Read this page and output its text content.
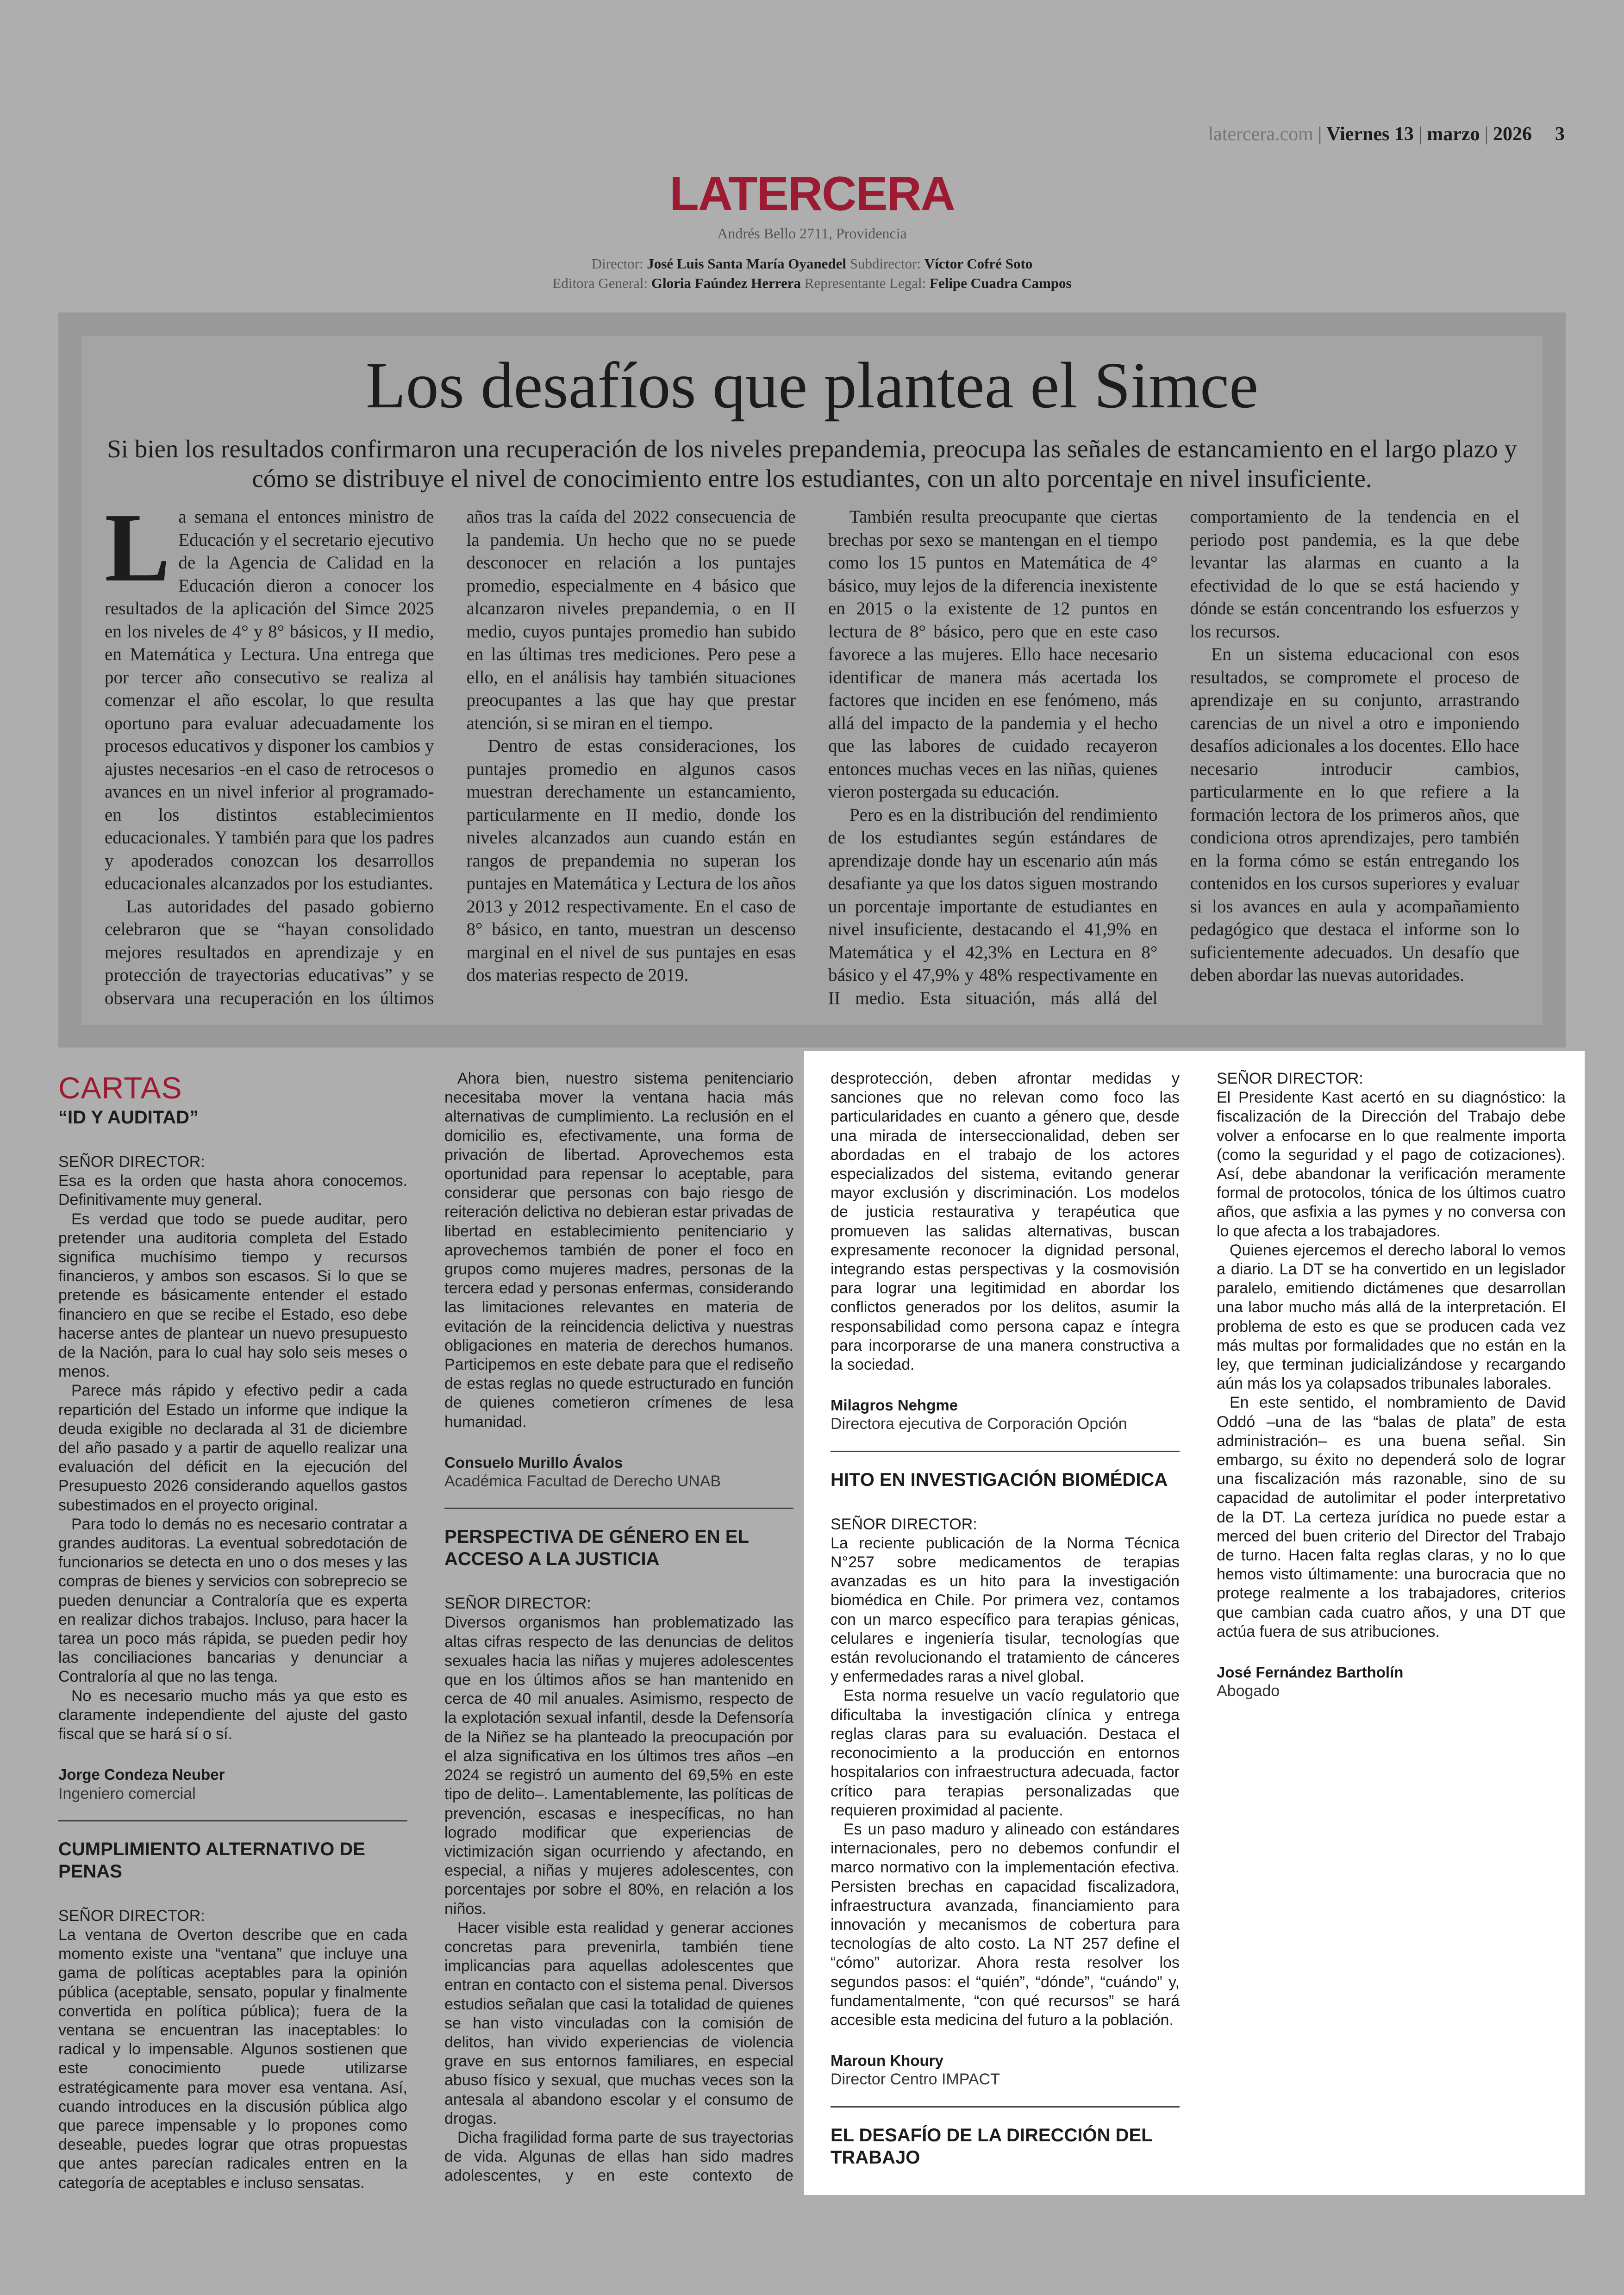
latercera.com | Viernes 13 | marzo | 2026 3
LATERCERA
Andrés Bello 2711, Providencia
Director: José Luis Santa María Oyanedel Subdirector: Víctor Cofré Soto
Editora General: Gloria Faúndez Herrera Representante Legal: Felipe Cuadra Campos
Los desafíos que plantea el Simce
Si bien los resultados confirmaron una recuperación de los niveles prepandemia, preocupa las señales de estancamiento en el largo plazo y cómo se distribuye el nivel de conocimiento entre los estudiantes, con un alto porcentaje en nivel insuficiente.

La semana el entonces ministro de Educación y el secretario ejecutivo de la Agencia de Calidad en la Educación dieron a conocer los resultados de la aplicación del Simce 2025 en los niveles de 4° y 8° básicos, y II medio, en Matemática y Lectura. Una entrega que por tercer año consecutivo se realiza al comenzar el año escolar, lo que resulta oportuno para evaluar adecuadamente los procesos educativos y disponer los cambios y ajustes necesarios -en el caso de retrocesos o avances en un nivel inferior al programado- en los distintos establecimientos educacionales. Y también para que los padres y apoderados conozcan los desarrollos educacionales alcanzados por los estudiantes.

Las autoridades del pasado gobierno celebraron que se “hayan consolidado mejores resultados en aprendizaje y en protección de trayectorias educativas” y se observara una recuperación en los últimos años tras la caída del 2022 consecuencia de la pandemia. Un hecho que no se puede desconocer en relación a los puntajes promedio, especialmente en 4 básico que alcanzaron niveles prepandemia, o en II medio, cuyos puntajes promedio han subido en las últimas tres mediciones. Pero pese a ello, en el análisis hay también situaciones preocupantes a las que hay que prestar atención, si se miran en el tiempo.

Dentro de estas consideraciones, los puntajes promedio en algunos casos muestran derechamente un estancamiento, particularmente en II medio, donde los niveles alcanzados aun cuando están en rangos de prepandemia no superan los puntajes en Matemática y Lectura de los años 2013 y 2012 respectivamente. En el caso de 8° básico, en tanto, muestran un descenso marginal en el nivel de sus puntajes en esas dos materias respecto de 2019.

También resulta preocupante que ciertas brechas por sexo se mantengan en el tiempo como los 15 puntos en Matemática de 4° básico, muy lejos de la diferencia inexistente en 2015 o la existente de 12 puntos en lectura de 8° básico, pero que en este caso favorece a las mujeres. Ello hace necesario identificar de manera más acertada los factores que inciden en ese fenómeno, más allá del impacto de la pandemia y el hecho que las labores de cuidado recayeron entonces muchas veces en las niñas, quienes vieron postergada su educación.

Pero es en la distribución del rendimiento de los estudiantes según estándares de aprendizaje donde hay un escenario aún más desafiante ya que los datos siguen mostrando un porcentaje importante de estudiantes en nivel insuficiente, destacando el 41,9% en Matemática y el 42,3% en Lectura en 8° básico y el 47,9% y 48% respectivamente en II medio. Esta situación, más allá del comportamiento de la tendencia en el periodo post pandemia, es la que debe levantar las alarmas en cuanto a la efectividad de lo que se está haciendo y dónde se están concentrando los esfuerzos y los recursos.

En un sistema educacional con esos resultados, se compromete el proceso de aprendizaje en su conjunto, arrastrando carencias de un nivel a otro e imponiendo desafíos adicionales a los docentes. Ello hace necesario introducir cambios, particularmente en lo que refiere a la formación lectora de los primeros años, que condiciona otros aprendizajes, pero también en la forma cómo se están entregando los contenidos en los cursos superiores y evaluar si los avances en aula y acompañamiento pedagógico que destaca el informe son lo suficientemente adecuados. Un desafío que deben abordar las nuevas autoridades.

CARTAS
“ID Y AUDITAD”

SEÑOR DIRECTOR:

Esa es la orden que hasta ahora conocemos. Definitivamente muy general.

Es verdad que todo se puede auditar, pero pretender una auditoria completa del Estado significa muchísimo tiempo y recursos financieros, y ambos son escasos. Si lo que se pretende es básicamente entender el estado financiero en que se recibe el Estado, eso debe hacerse antes de plantear un nuevo presupuesto de la Nación, para lo cual hay solo seis meses o menos.

Parece más rápido y efectivo pedir a cada repartición del Estado un informe que indique la deuda exigible no declarada al 31 de diciembre del año pasado y a partir de aquello realizar una evaluación del déficit en la ejecución del Presupuesto 2026 considerando aquellos gastos subestimados en el proyecto original.

Para todo lo demás no es necesario contratar a grandes auditoras. La eventual sobredotación de funcionarios se detecta en uno o dos meses y las compras de bienes y servicios con sobreprecio se pueden denunciar a Contraloría que es experta en realizar dichos trabajos. Incluso, para hacer la tarea un poco más rápida, se pueden pedir hoy las conciliaciones bancarias y denunciar a Contraloría al que no las tenga.

No es necesario mucho más ya que esto es claramente independiente del ajuste del gasto fiscal que se hará sí o sí.

Jorge Condeza Neuber

Ingeniero comercial

CUMPLIMIENTO ALTERNATIVO DE PENAS

SEÑOR DIRECTOR:

La ventana de Overton describe que en cada momento existe una “ventana” que incluye una gama de políticas aceptables para la opinión pública (aceptable, sensato, popular y finalmente convertida en política pública); fuera de la ventana se encuentran las inaceptables: lo radical y lo impensable. Algunos sostienen que este conocimiento puede utilizarse estratégicamente para mover esa ventana. Así, cuando introduces en la discusión pública algo que parece impensable y lo propones como deseable, puedes lograr que otras propuestas que antes parecían radicales entren en la categoría de aceptables e incluso sensatas.

Ahora bien, nuestro sistema penitenciario necesitaba mover la ventana hacia más alternativas de cumplimiento. La reclusión en el domicilio es, efectivamente, una forma de privación de libertad. Aprovechemos esta oportunidad para repensar lo aceptable, para considerar que personas con bajo riesgo de reiteración delictiva no debieran estar privadas de libertad en establecimiento penitenciario y aprovechemos también de poner el foco en grupos como mujeres madres, personas de la tercera edad y personas enfermas, considerando las limitaciones relevantes en materia de evitación de la reincidencia delictiva y nuestras obligaciones en materia de derechos humanos. Participemos en este debate para que el rediseño de estas reglas no quede estructurado en función de quienes cometieron crímenes de lesa humanidad.

Consuelo Murillo Ávalos

Académica Facultad de Derecho UNAB

PERSPECTIVA DE GÉNERO EN EL ACCESO A LA JUSTICIA

SEÑOR DIRECTOR:

Diversos organismos han problematizado las altas cifras respecto de las denuncias de delitos sexuales hacia las niñas y mujeres adolescentes que en los últimos años se han mantenido en cerca de 40 mil anuales. Asimismo, respecto de la explotación sexual infantil, desde la Defensoría de la Niñez se ha planteado la preocupación por el alza significativa en los últimos tres años –en 2024 se registró un aumento del 69,5% en este tipo de delito–. Lamentablemente, las políticas de prevención, escasas e inespecíficas, no han logrado modificar que experiencias de victimización sigan ocurriendo y afectando, en especial, a niñas y mujeres adolescentes, con porcentajes por sobre el 80%, en relación a los niños.

Hacer visible esta realidad y generar acciones concretas para prevenirla, también tiene implicancias para aquellas adolescentes que entran en contacto con el sistema penal. Diversos estudios señalan que casi la totalidad de quienes se han visto vinculadas con la comisión de delitos, han vivido experiencias de violencia grave en sus entornos familiares, en especial abuso físico y sexual, que muchas veces son la antesala al abandono escolar y el consumo de drogas.

Dicha fragilidad forma parte de sus trayectorias de vida. Algunas de ellas han sido madres adolescentes, y en este contexto de desprotección, deben afrontar medidas y sanciones que no relevan como foco las particularidades en cuanto a género que, desde una mirada de interseccionalidad, deben ser abordadas en el trabajo de los actores especializados del sistema, evitando generar mayor exclusión y discriminación. Los modelos de justicia restaurativa y terapéutica que promueven las salidas alternativas, buscan expresamente reconocer la dignidad personal, integrando estas perspectivas y la cosmovisión para lograr una legitimidad en abordar los conflictos generados por los delitos, asumir la responsabilidad como persona capaz e íntegra para incorporarse de una manera constructiva a la sociedad.

Milagros Nehgme

Directora ejecutiva de Corporación Opción

HITO EN INVESTIGACIÓN BIOMÉDICA

SEÑOR DIRECTOR:

La reciente publicación de la Norma Técnica N°257 sobre medicamentos de terapias avanzadas es un hito para la investigación biomédica en Chile. Por primera vez, contamos con un marco específico para terapias génicas, celulares e ingeniería tisular, tecnologías que están revolucionando el tratamiento de cánceres y enfermedades raras a nivel global.

Esta norma resuelve un vacío regulatorio que dificultaba la investigación clínica y entrega reglas claras para su evaluación. Destaca el reconocimiento a la producción en entornos hospitalarios con infraestructura adecuada, factor crítico para terapias personalizadas que requieren proximidad al paciente.

Es un paso maduro y alineado con estándares internacionales, pero no debemos confundir el marco normativo con la implementación efectiva. Persisten brechas en capacidad fiscalizadora, infraestructura avanzada, financiamiento para innovación y mecanismos de cobertura para tecnologías de alto costo. La NT 257 define el “cómo” autorizar. Ahora resta resolver los segundos pasos: el “quién”, “dónde”, “cuándo” y, fundamentalmente, “con qué recursos” se hará accesible esta medicina del futuro a la población.

Maroun Khoury

Director Centro IMPACT

EL DESAFÍO DE LA DIRECCIÓN DEL TRABAJO

SEÑOR DIRECTOR:

El Presidente Kast acertó en su diagnóstico: la fiscalización de la Dirección del Trabajo debe volver a enfocarse en lo que realmente importa (como la seguridad y el pago de cotizaciones). Así, debe abandonar la verificación meramente formal de protocolos, tónica de los últimos cuatro años, que asfixia a las pymes y no conversa con lo que afecta a los trabajadores.

Quienes ejercemos el derecho laboral lo vemos a diario. La DT se ha convertido en un legislador paralelo, emitiendo dictámenes que desarrollan una labor mucho más allá de la interpretación. El problema de esto es que se producen cada vez más multas por formalidades que no están en la ley, que terminan judicializándose y recargando aún más los ya colapsados tribunales laborales.

En este sentido, el nombramiento de David Oddó –una de las “balas de plata” de esta administración– es una buena señal. Sin embargo, su éxito no dependerá solo de lograr una fiscalización más razonable, sino de su capacidad de autolimitar el poder interpretativo de la DT. La certeza jurídica no puede estar a merced del buen criterio del Director del Trabajo de turno. Hacen falta reglas claras, y no lo que hemos visto últimamente: una burocracia que no protege realmente a los trabajadores, criterios que cambian cada cuatro años, y una DT que actúa fuera de sus atribuciones.

José Fernández Bartholín

Abogado
